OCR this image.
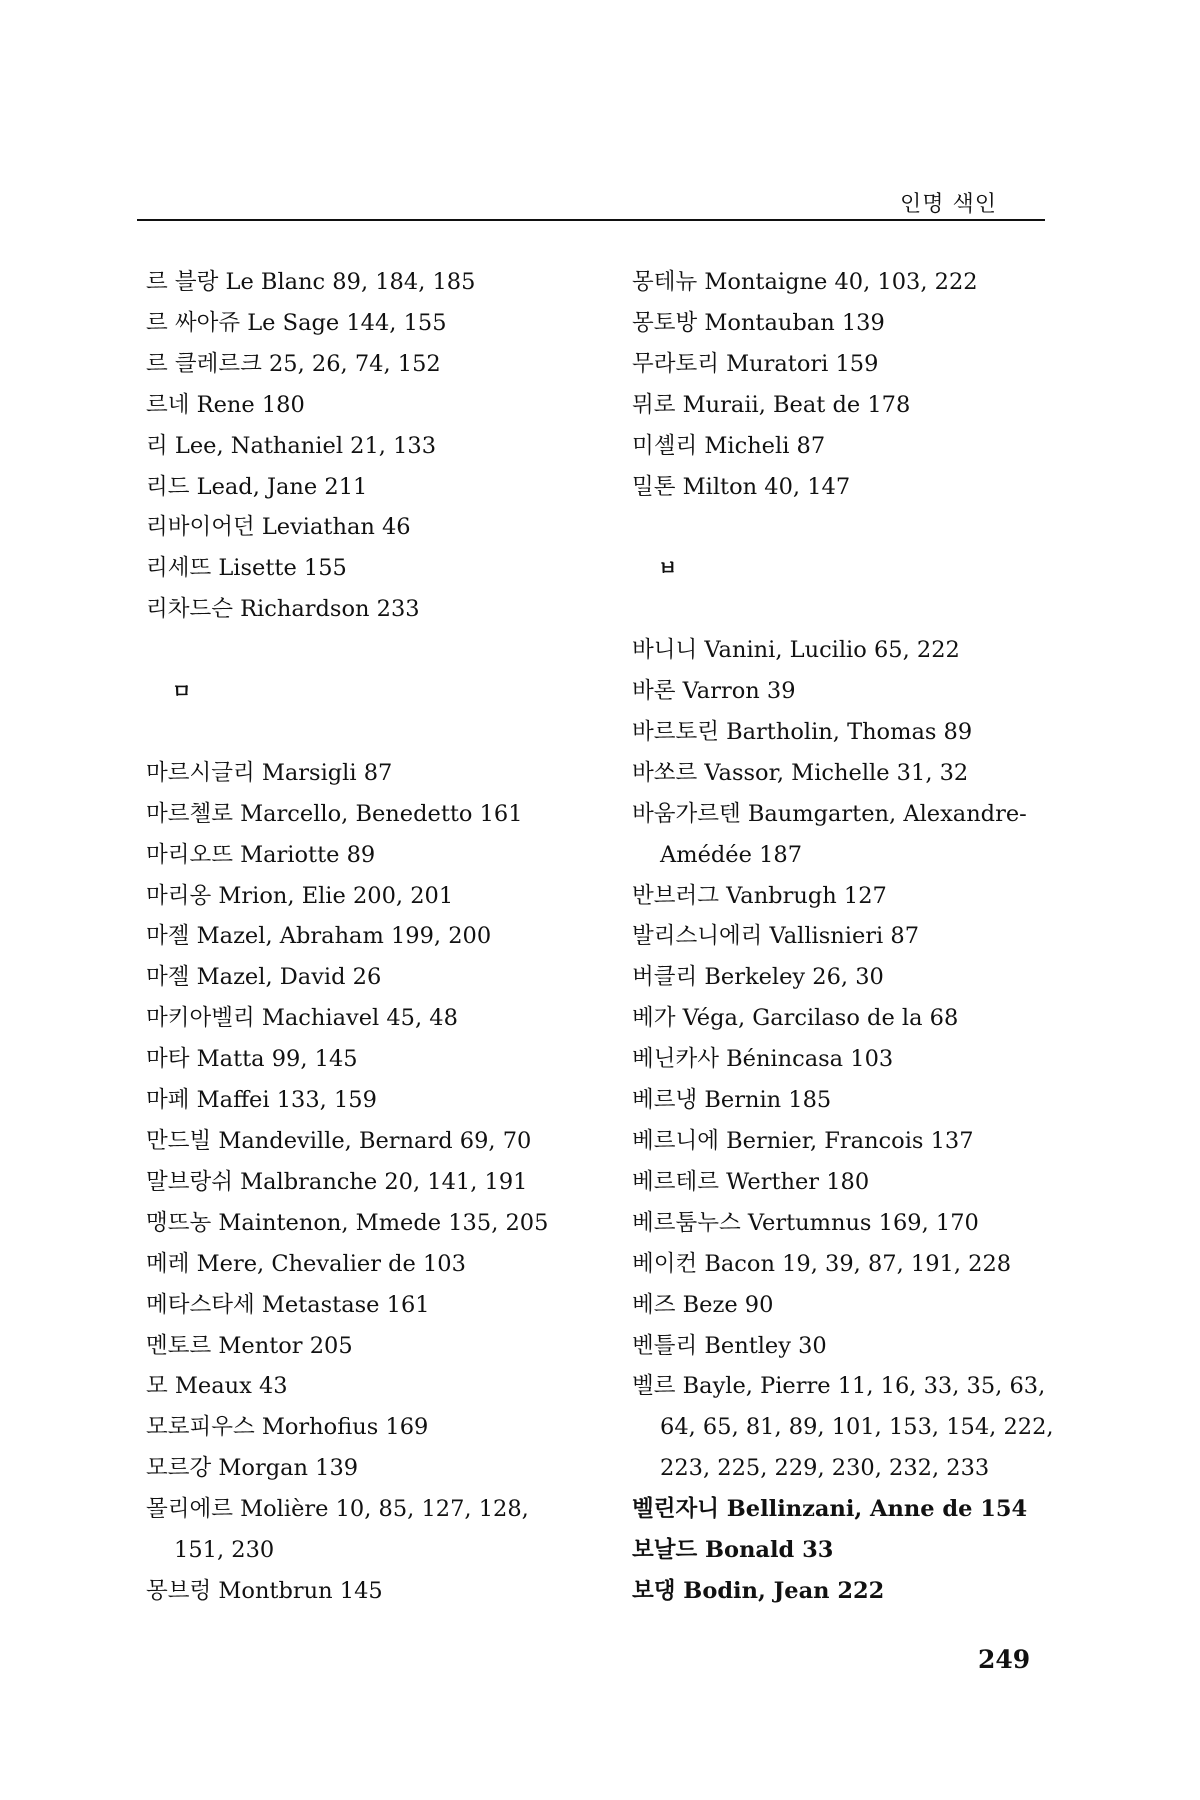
인명 색인
르 블랑 Le Blanc 89, 184, 185
르 싸아쥬 Le Sage 144, 155
르 클레르크 25, 26, 74, 152
르네 Rene 180
리 Lee, Nathaniel 21, 133
리드 Lead, Jane 211
리바이어던 Leviathan 46
리세뜨 Lisette 155
리차드슨 Richardson 233
ㅁ
마르시글리 Marsigli 87
마르첼로 Marcello, Benedetto 161
마리오뜨 Mariotte 89
마리옹 Mrion, Elie 200, 201
마젤 Mazel, Abraham 199, 200
마젤 Mazel, David 26
마키아벨리 Machiavel 45, 48
마타 Matta 99, 145
마페 Maffei 133, 159
만드빌 Mandeville, Bernard 69, 70
말브랑쉬 Malbranche 20, 141, 191
맹뜨농 Maintenon, Mmede 135, 205
메레 Mere, Chevalier de 103
메타스타세 Metastase 161
멘토르 Mentor 205
모 Meaux 43
모로피우스 Morhofius 169
모르강 Morgan 139
몰리에르 Molière 10, 85, 127, 128,
151, 230
몽브렁 Montbrun 145
몽테뉴 Montaigne 40, 103, 222
몽토방 Montauban 139
무라토리 Muratori 159
뮈로 Muraii, Beat de 178
미셸리 Micheli 87
밀톤 Milton 40, 147
ㅂ
바니니 Vanini, Lucilio 65, 222
바론 Varron 39
바르토린 Bartholin, Thomas 89
바쏘르 Vassor, Michelle 31, 32
바움가르텐 Baumgarten, Alexandre-
Amédée 187
반브러그 Vanbrugh 127
발리스니에리 Vallisnieri 87
버클리 Berkeley 26, 30
베가 Véga, Garcilaso de la 68
베닌카사 Bénincasa 103
베르냉 Bernin 185
베르니에 Bernier, Francois 137
베르테르 Werther 180
베르툼누스 Vertumnus 169, 170
베이컨 Bacon 19, 39, 87, 191, 228
베즈 Beze 90
벤틀리 Bentley 30
벨르 Bayle, Pierre 11, 16, 33, 35, 63,
64, 65, 81, 89, 101, 153, 154, 222,
223, 225, 229, 230, 232, 233
벨린자니 Bellinzani, Anne de 154
보날드 Bonald 33
보댕 Bodin, Jean 222
249
